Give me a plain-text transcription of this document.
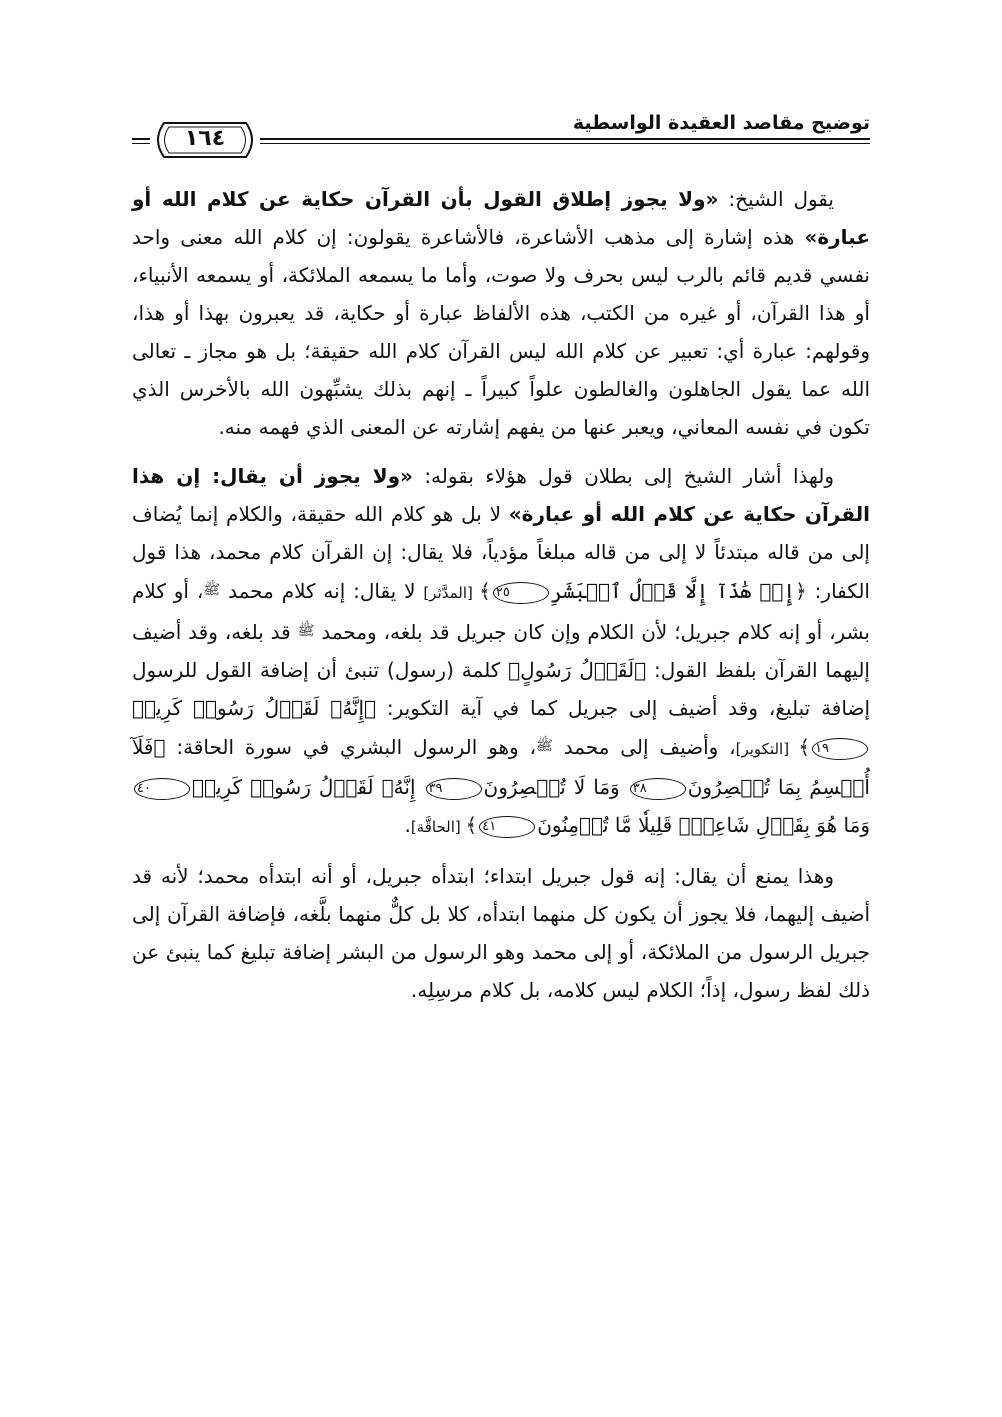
توضيح مقاصد العقيدة الواسطية
١٦٤

يقول الشيخ: «ولا يجوز إطلاق القول بأن القرآن حكاية عن كلام الله أو عبارة» هذه إشارة إلى مذهب الأشاعرة، فالأشاعرة يقولون: إن كلام الله معنى واحد نفسي قديم قائم بالرب ليس بحرف ولا صوت، وأما ما يسمعه الملائكة، أو يسمعه الأنبياء، أو هذا القرآن، أو غيره من الكتب، هذه الألفاظ عبارة أو حكاية، قد يعبرون بهذا أو هذا، وقولهم: عبارة أي: تعبير عن كلام الله ليس القرآن كلام الله حقيقة؛ بل هو مجاز ـ تعالى الله عما يقول الجاهلون والغالطون علواً كبيراً ـ إنهم بذلك يشبِّهون الله بالأخرس الذي تكون في نفسه المعاني، ويعبر عنها من يفهم إشارته عن المعنى الذي فهمه منه.

ولهذا أشار الشيخ إلى بطلان قول هؤلاء بقوله: «ولا يجوز أن يقال: إن هذا القرآن حكاية عن كلام الله أو عبارة» لا بل هو كلام الله حقيقة، والكلام إنما يُضاف إلى من قاله مبتدئاً لا إلى من قاله مبلغاً مؤدياً، فلا يقال: إن القرآن كلام محمد، هذا قول الكفار: ﴿إِنۡ هَٰذَآ إِلَّا قَوۡلُ ٱلۡبَشَرِ٢٥﴾ [المدَّثر] لا يقال: إنه كلام محمد $^ﷺ$، أو كلام بشر، أو إنه كلام جبريل؛ لأن الكلام وإن كان جبريل قد بلغه، ومحمد $^ﷺ$ قد بلغه، وقد أضيف إليهما القرآن بلفظ القول: ﴿لَقَوۡلُ رَسُولٍ﴾ كلمة (رسول) تنبئ أن إضافة القول للرسول إضافة تبليغ، وقد أضيف إلى جبريل كما في آية التكوير: ﴿إِنَّهُۥ لَقَوۡلُ رَسُولٖ كَرِيمٖ١٩﴾ [التكوير]، وأضيف إلى محمد $^ﷺ$، وهو الرسول البشري في سورة الحاقة: ﴿فَلَآ أُقۡسِمُ بِمَا تُبۡصِرُونَ٣٨ وَمَا لَا تُبۡصِرُونَ٣٩ إِنَّهُۥ لَقَوۡلُ رَسُولٖ كَرِيمٖ٤٠ وَمَا هُوَ بِقَوۡلِ شَاعِرٖۚ قَلِيلٗا مَّا تُؤۡمِنُونَ٤١﴾ [الحاقَّة].

وهذا يمنع أن يقال: إنه قول جبريل ابتداء؛ ابتدأه جبريل، أو أنه ابتدأه محمد؛ لأنه قد أضيف إليهما، فلا يجوز أن يكون كل منهما ابتدأه، كلا بل كلٌّ منهما بلَّغه، فإضافة القرآن إلى جبريل الرسول من الملائكة، أو إلى محمد وهو الرسول من البشر إضافة تبليغ كما ينبئ عن ذلك لفظ رسول، إذاً؛ الكلام ليس كلامه، بل كلام مرسِلِه.
